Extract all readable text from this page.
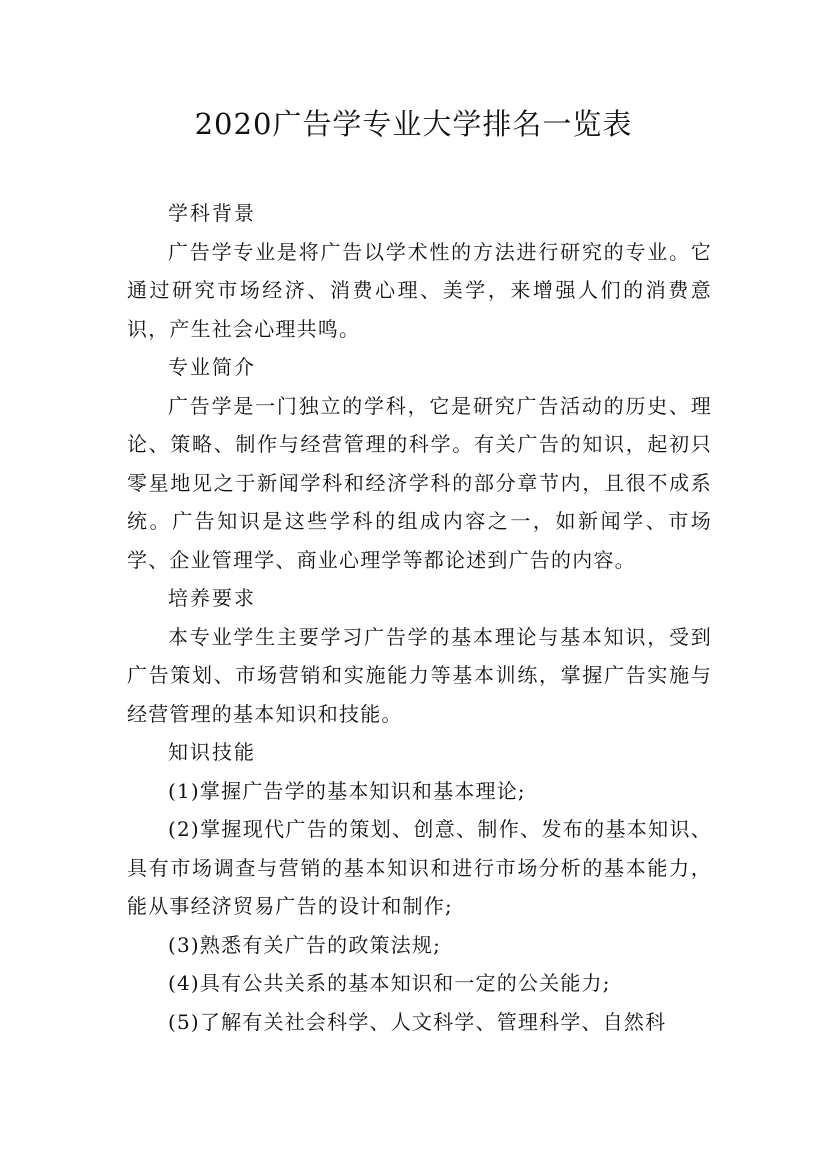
2020广告学专业大学排名一览表

学科背景

广告学专业是将广告以学术性的方法进行研究的专业。它通过研究市场经济、消费心理、美学，来增强人们的消费意识，产生社会心理共鸣。

专业简介

广告学是一门独立的学科，它是研究广告活动的历史、理论、策略、制作与经营管理的科学。有关广告的知识，起初只零星地见之于新闻学科和经济学科的部分章节内，且很不成系统。广告知识是这些学科的组成内容之一，如新闻学、市场学、企业管理学、商业心理学等都论述到广告的内容。

培养要求

本专业学生主要学习广告学的基本理论与基本知识，受到广告策划、市场营销和实施能力等基本训练，掌握广告实施与经营管理的基本知识和技能。

知识技能

(1)掌握广告学的基本知识和基本理论;

(2)掌握现代广告的策划、创意、制作、发布的基本知识、具有市场调查与营销的基本知识和进行市场分析的基本能力，能从事经济贸易广告的设计和制作;

(3)熟悉有关广告的政策法规;

(4)具有公共关系的基本知识和一定的公关能力;

(5)了解有关社会科学、人文科学、管理科学、自然科
